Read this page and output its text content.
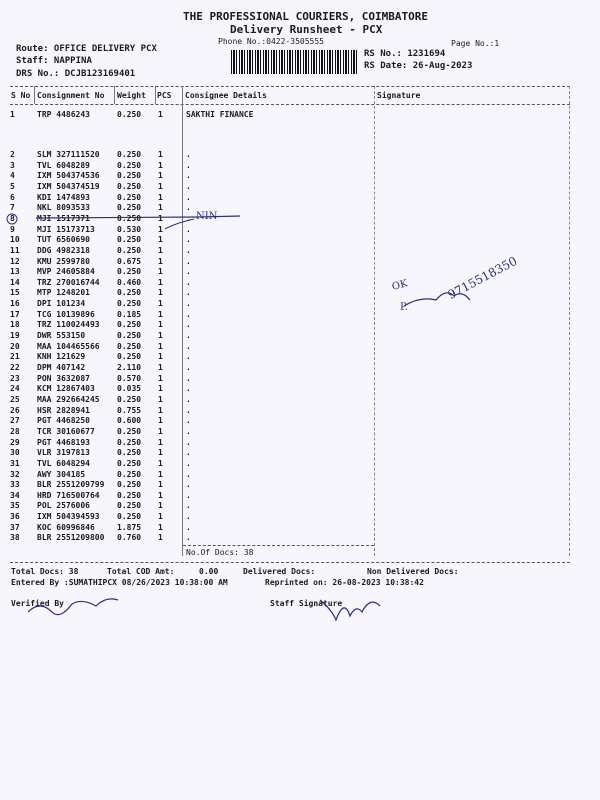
THE PROFESSIONAL COURIERS, COIMBATORE
Delivery Runsheet - PCX
Phone No.:0422-3505555	Page No.:1
Route: OFFICE DELIVERY PCX
Staff: NAPPINA
DRS No.: DCJB123169401
RS No.: 1231694
RS Date: 26-Aug-2023
S No Consignment No Weight PCS Consignee Details	Signature
1	TRP 4486243	0.250 1	SAKTHI FINANCE
2	SLM 327111520 0.250 1	.
3	TVL 6048289	0.250 1	.
4	IXM 504374536 0.250 1	.
5	IXM 504374519 0.250 1	.
6	KDI 1474893	0.250 1	.
7	NKL 8093533	0.250 1	.
8	MJI 1517371	0.250 1	.
9	MJI 15173713	0.530 1	.
10 TUT 6560690	0.250 1	.
11 DDG 4982318	0.250 1	.
12 KMU 2599780	0.675 1	.
13 MVP 24605884	0.250 1	.
14 TRZ 270016744 0.460 1	.
15 MTP 1248201	0.250 1	.
16 DPI 101234	0.250 1	.
17 TCG 10139896	0.185 1	.
18 TRZ 110024493 0.250 1	.
19 DWR 553150	0.250 1	.
20 MAA 104465566 0.250 1	.
21 KNH 121629	0.250 1	.
22 DPM 407142	2.110 1	.
23 PON 3632087	0.570 1	.
24 KCM 12867403	0.035 1	.
25 MAA 292664245 0.250 1	.
26 HSR 2828941	0.755 1	.
27 PGT 4468250	0.600 1	.
28 TCR 30160677	0.250 1	.
29 PGT 4468193	0.250 1	.
30 VLR 3197813	0.250 1	.
31 TVL 6048294	0.250 1	.
32 AWY 304185	0.250 1	.
33 BLR 2551209799 0.250 1	.
34 HRD 716500764 0.250 1	.
35 POL 2576006	0.250 1	.
36 IXM 504394593 0.250 1	.
37 KOC 60996846	1.875 1	.
38 BLR 2551209800 0.760 1	.
No.Of Docs: 38
NIN
OK
P.
9715518350
Total Docs: 38	Total COD Amt:	0.00	Delivered Docs:	Non Delivered Docs:
Entered By :SUMATHIPCX 08/26/2023 10:38:00 AM	Reprinted on: 26-08-2023 10:38:42
Verified By	Staff Signature
